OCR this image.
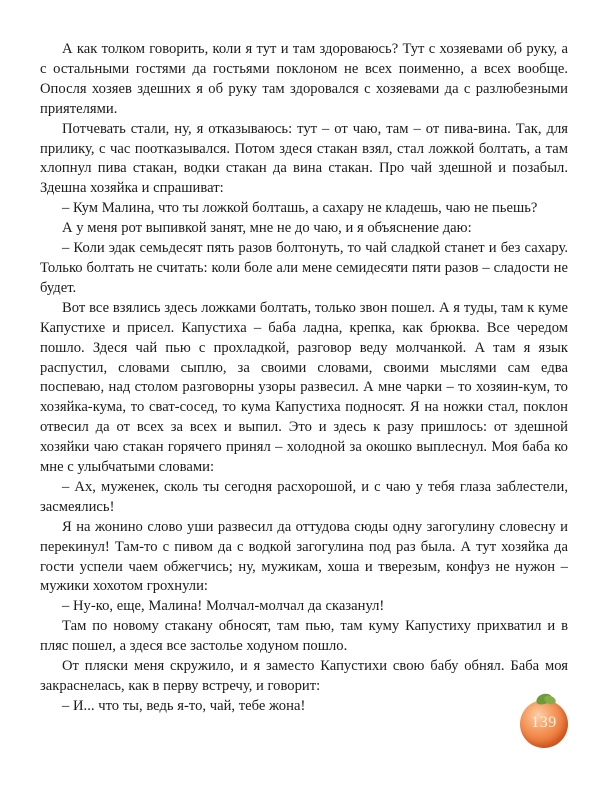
А как толком говорить, коли я тут и там здороваюсь? Тут с хозяевами об руку, а с остальными гостями да гостьями поклоном не всех поименно, а всех вообще. Опосля хозяев здешних я об руку там здоровался с хозяевами да с разлюбезными приятелями.

Потчевать стали, ну, я отказываюсь: тут – от чаю, там – от пива-вина. Так, для прилику, с час поотказывался. Потом здеся стакан взял, стал ложкой болтать, а там хлопнул пива стакан, водки стакан да вина стакан. Про чай здешной и позабыл. Здешна хозяйка и спрашиват:

– Кум Малина, что ты ложкой болташь, а сахару не кладешь, чаю не пьешь?

А у меня рот выпивкой занят, мне не до чаю, и я объяснение даю:

– Коли эдак семьдесят пять разов болтонуть, то чай сладкой станет и без сахару. Только болтать не считать: коли боле али мене семидесяти пяти разов – сладости не будет.

Вот все взялись здесь ложками болтать, только звон пошел. А я туды, там к куме Капустихе и присел. Капустиха – баба ладна, крепка, как брюква. Все чередом пошло. Здеся чай пью с прохладкой, разговор веду молчанкой. А там я язык распустил, словами сыплю, за своими словами, своими мыслями сам едва поспеваю, над столом разговорны узоры развесил. А мне чарки – то хозяин-кум, то хозяйка-кума, то сват-сосед, то кума Капустиха подносят. Я на ножки стал, поклон отвесил да от всех за всех и выпил. Это и здесь к разу пришлось: от здешной хозяйки чаю стакан горячего принял – холодной за окошко выплеснул. Моя баба ко мне с улыбчатыми словами:

– Ах, муженек, сколь ты сегодня расхорошой, и с чаю у тебя глаза заблестели, засмеялись!

Я на жонино слово уши развесил да оттудова сюды одну загогулину словесну и перекинул! Там-то с пивом да с водкой загогулина под раз была. А тут хозяйка да гости успели чаем обжегчись; ну, мужикам, хоша и тверезым, конфуз не нужон – мужики хохотом грохнули:

– Ну-ко, еще, Малина! Молчал-молчал да сказанул!

Там по новому стакану обносят, там пью, там куму Капустиху прихватил и в пляс пошел, а здеся все застолье ходуном пошло.

От пляски меня скружило, и я заместо Капустихи свою бабу обнял. Баба моя закраснелась, как в перву встречу, и говорит:

– И... что ты, ведь я-то, чай, тебе жона!

139
